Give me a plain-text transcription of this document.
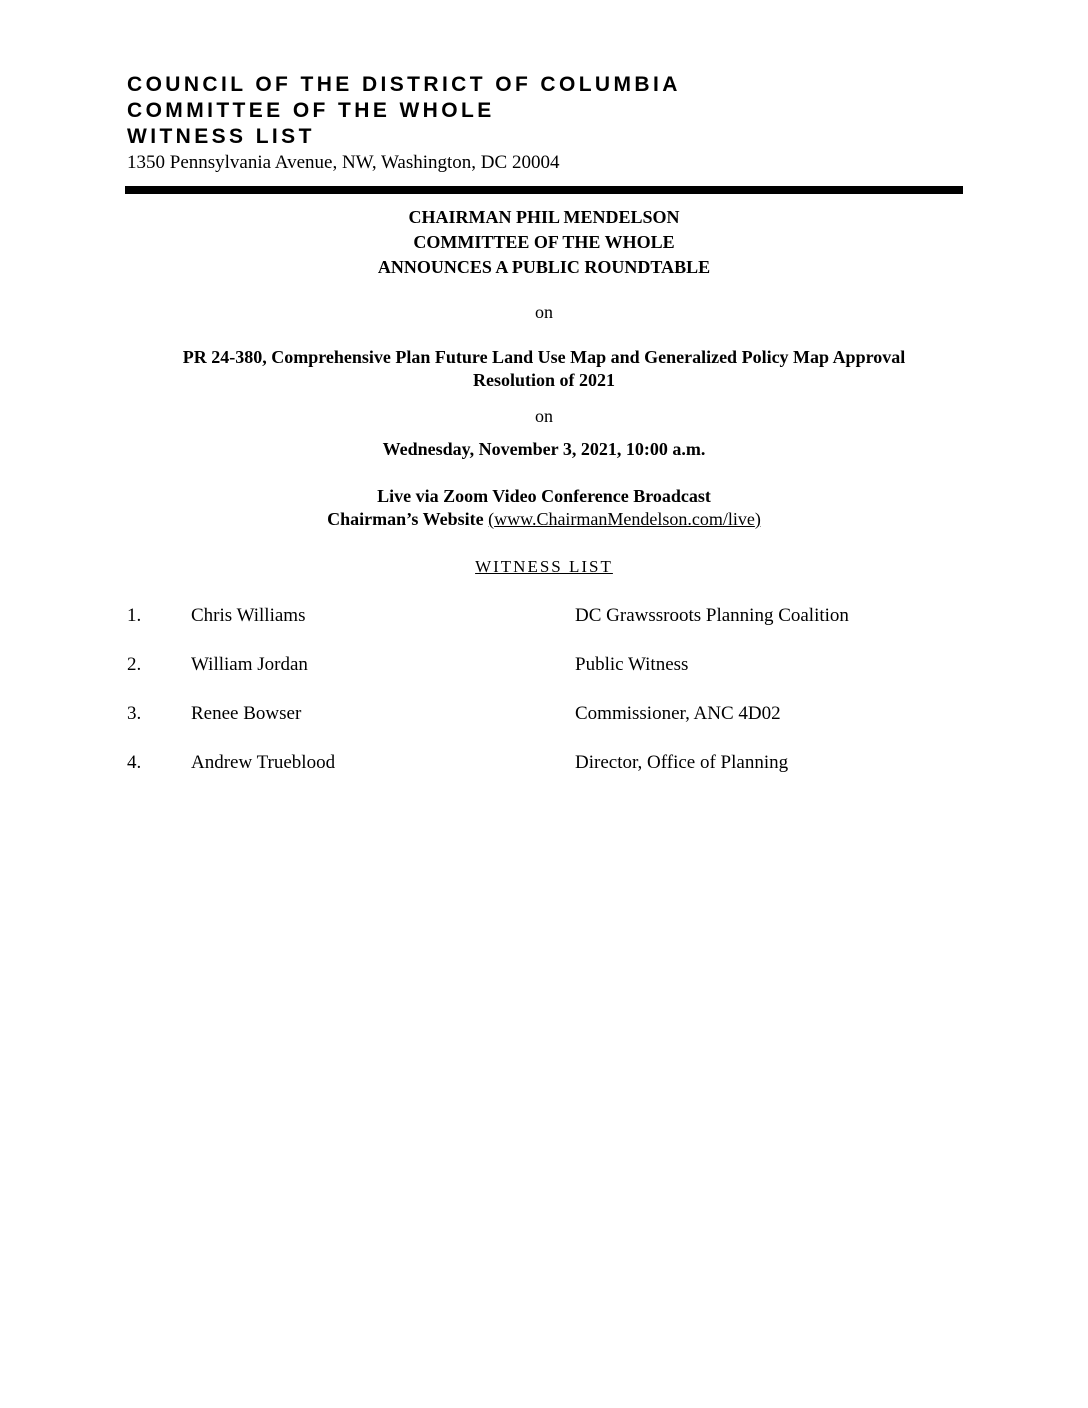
COUNCIL OF THE DISTRICT OF COLUMBIA
COMMITTEE OF THE WHOLE
WITNESS LIST
1350 Pennsylvania Avenue, NW, Washington, DC 20004
CHAIRMAN PHIL MENDELSON
COMMITTEE OF THE WHOLE
ANNOUNCES A PUBLIC ROUNDTABLE
on
PR 24-380, Comprehensive Plan Future Land Use Map and Generalized Policy Map Approval
Resolution of 2021
on
Wednesday, November 3, 2021, 10:00 a.m.
Live via Zoom Video Conference Broadcast
Chairman’s Website (www.ChairmanMendelson.com/live)
WITNESS LIST
1.	Chris Williams	DC Grawssroots Planning Coalition
2.	William Jordan	Public Witness
3.	Renee Bowser	Commissioner, ANC 4D02
4.	Andrew Trueblood	Director, Office of Planning
